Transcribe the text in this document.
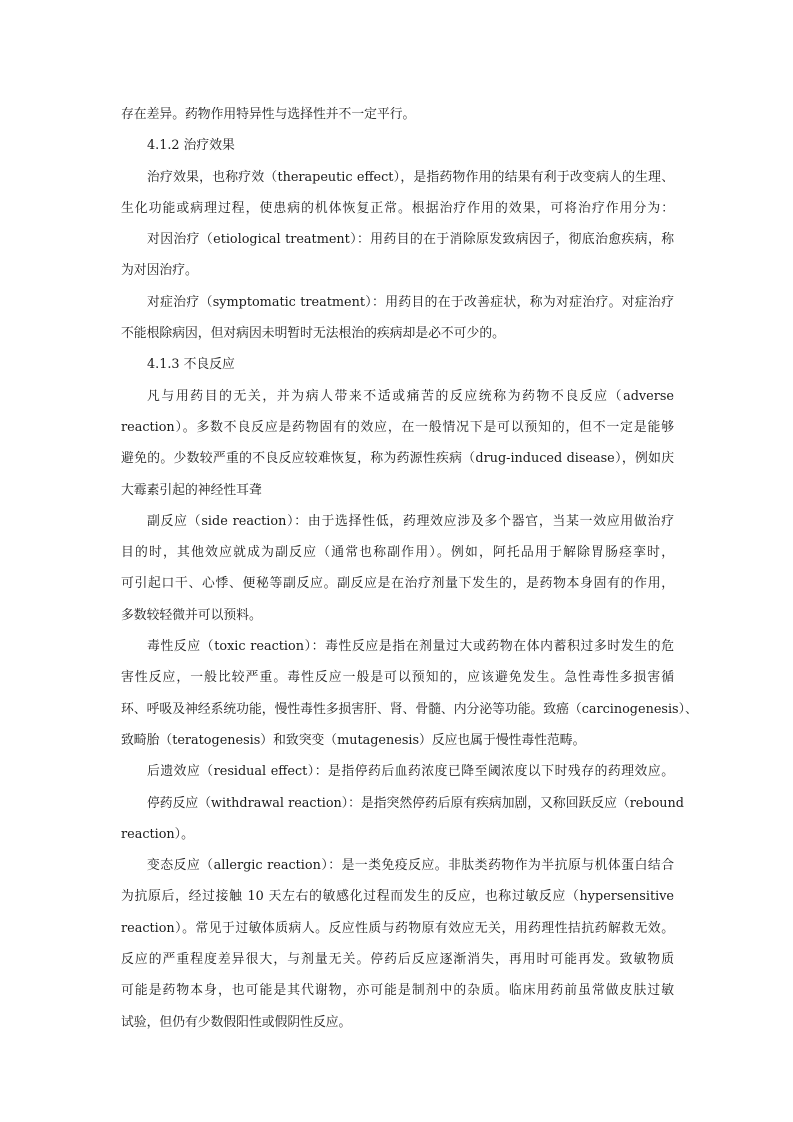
存在差异。药物作用特异性与选择性并不一定平行。
4.1.2 治疗效果
治疗效果，也称疗效（therapeutic effect），是指药物作用的结果有利于改变病人的生理、
生化功能或病理过程，使患病的机体恢复正常。根据治疗作用的效果，可将治疗作用分为：
对因治疗（etiological treatment）：用药目的在于消除原发致病因子，彻底治愈疾病，称
为对因治疗。
对症治疗（symptomatic treatment）：用药目的在于改善症状，称为对症治疗。对症治疗
不能根除病因，但对病因未明暂时无法根治的疾病却是必不可少的。
4.1.3 不良反应
凡与用药目的无关，并为病人带来不适或痛苦的反应统称为药物不良反应（adverse
reaction）。多数不良反应是药物固有的效应，在一般情况下是可以预知的，但不一定是能够
避免的。少数较严重的不良反应较难恢复，称为药源性疾病（drug-induced disease），例如庆
大霉素引起的神经性耳聋
副反应（side reaction）：由于选择性低，药理效应涉及多个器官，当某一效应用做治疗
目的时，其他效应就成为副反应（通常也称副作用）。例如，阿托品用于解除胃肠痉挛时，
可引起口干、心悸、便秘等副反应。副反应是在治疗剂量下发生的，是药物本身固有的作用，
多数较轻微并可以预料。
毒性反应（toxic reaction）：毒性反应是指在剂量过大或药物在体内蓄积过多时发生的危
害性反应，一般比较严重。毒性反应一般是可以预知的，应该避免发生。急性毒性多损害循
环、呼吸及神经系统功能，慢性毒性多损害肝、肾、骨髓、内分泌等功能。致癌（carcinogenesis）、
致畸胎（teratogenesis）和致突变（mutagenesis）反应也属于慢性毒性范畴。
后遗效应（residual effect）：是指停药后血药浓度已降至阈浓度以下时残存的药理效应。
停药反应（withdrawal reaction）：是指突然停药后原有疾病加剧，又称回跃反应（rebound
reaction）。
变态反应（allergic reaction）：是一类免疫反应。非肽类药物作为半抗原与机体蛋白结合
为抗原后，经过接触 10 天左右的敏感化过程而发生的反应，也称过敏反应（hypersensitive
reaction）。常见于过敏体质病人。反应性质与药物原有效应无关，用药理性拮抗药解救无效。
反应的严重程度差异很大，与剂量无关。停药后反应逐渐消失，再用时可能再发。致敏物质
可能是药物本身，也可能是其代谢物，亦可能是制剂中的杂质。临床用药前虽常做皮肤过敏
试验，但仍有少数假阳性或假阴性反应。
